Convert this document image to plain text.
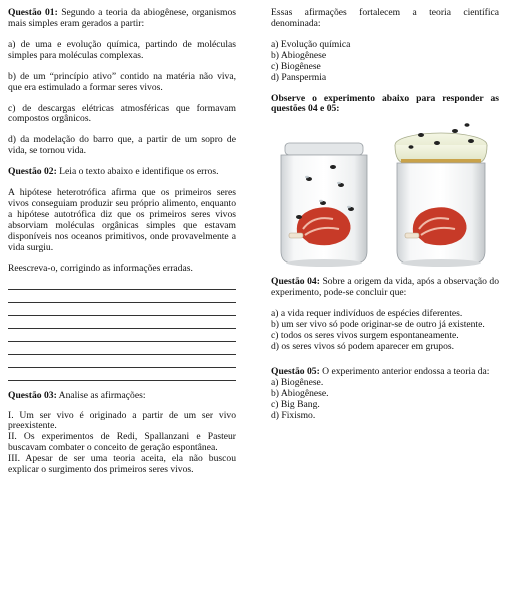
Questão 01: Segundo a teoria da abiogênese, organismos mais simples eram gerados a partir:

a) de uma e evolução química, partindo de moléculas simples para moléculas complexas.

b) de um “princípio ativo” contido na matéria não viva, que era estimulado a formar seres vivos.

c) de descargas elétricas atmosféricas que formavam compostos orgânicos.

d) da modelação do barro que, a partir de um sopro de vida, se tornou vida.

Questão 02: Leia o texto abaixo e identifique os erros.

A hipótese heterotrófica afirma que os primeiros seres vivos conseguiam produzir seu próprio alimento, enquanto a hipótese autotrófica diz que os primeiros seres vivos absorviam moléculas orgânicas simples que estavam disponíveis nos oceanos primitivos, onde provavelmente a vida surgiu.

Reescreva-o, corrigindo as informações erradas.

Questão 03: Analise as afirmações:

I. Um ser vivo é originado a partir de um ser vivo preexistente.

II. Os experimentos de Redi, Spallanzani e Pasteur buscavam combater o conceito de geração espontânea.

III. Apesar de ser uma teoria aceita, ela não buscou explicar o surgimento dos primeiros seres vivos.

Essas afirmações fortalecem a teoria científica denominada:

a) Evolução química

b) Abiogênese

c) Biogênese

d) Panspermia

Observe o experimento abaixo para responder as questões 04 e 05:

Questão 04: Sobre a origem da vida, após a observação do experimento, pode-se concluir que:

a) a vida requer indivíduos de espécies diferentes.

b) um ser vivo só pode originar-se de outro já existente.

c) todos os seres vivos surgem espontaneamente.

d) os seres vivos só podem aparecer em grupos.

Questão 05: O experimento anterior endossa a teoria da:

a) Biogênese.

b) Abiogênese.

c) Big Bang.

d) Fixismo.
